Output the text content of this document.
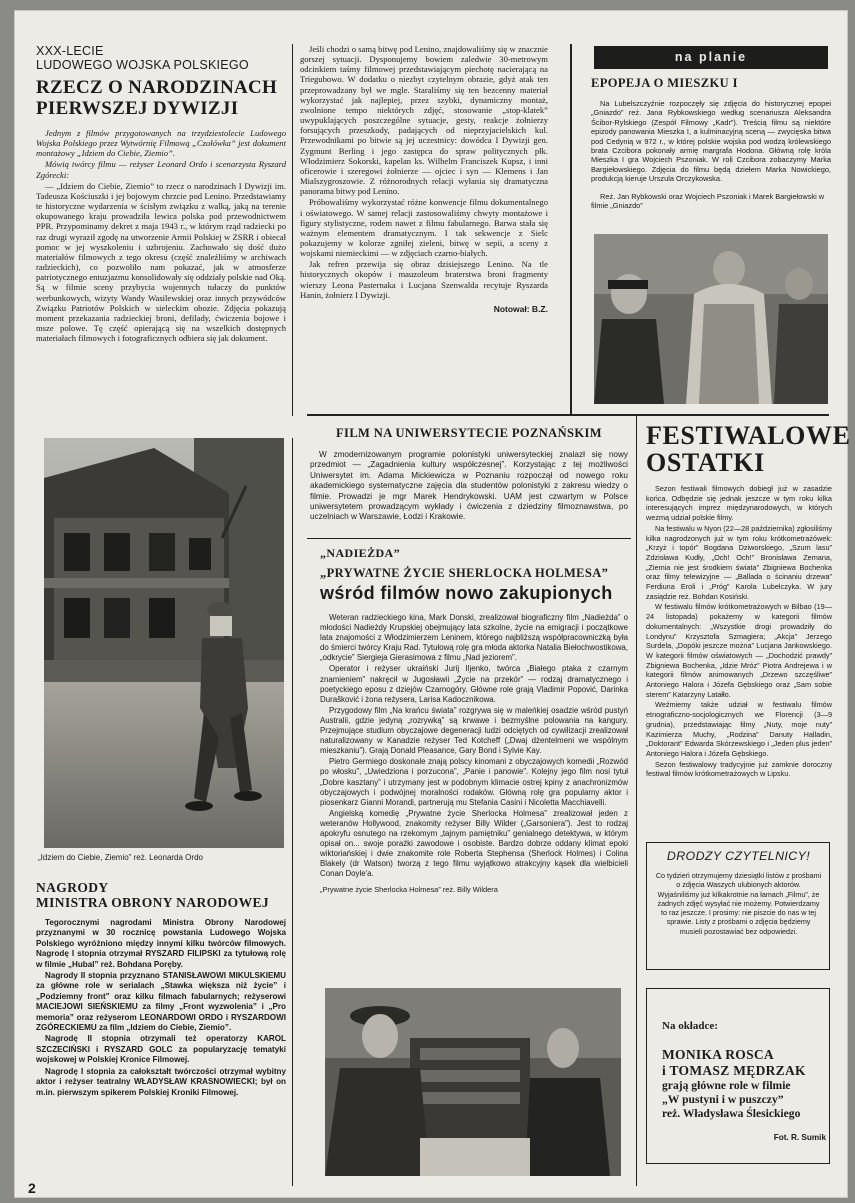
XXX-LECIE
LUDOWEGO WOJSKA POLSKIEGO
RZECZ O NARODZINACH
PIERWSZEJ DYWIZJI
Jednym z filmów przygotowanych na trzydziestolecie Ludowego Wojska Polskiego przez Wytwórnię Filmową „Czołówka” jest dokument montażowy „Idziem do Ciebie, Ziemio”.
Mówią twórcy filmu — reżyser Leonard Ordo i scenarzysta Ryszard Zgórecki:
— „Idziem do Ciebie, Ziemio” to rzecz o narodzinach I Dywizji im. Tadeusza Kościuszki i jej bojowym chrzcie pod Lenino. Przedstawiamy te historyczne wydarzenia w ścisłym związku z walką, jaką na terenie okupowanego kraju prowadziła lewica polska pod przewodnictwem PPR. Przypominamy dekret z maja 1943 r., w którym rząd radziecki po raz drugi wyraził zgodę na utworzenie Armii Polskiej w ZSRR i obiecał pomoc w jej wyszkoleniu i uzbrojeniu. Zachowało się dość dużo materiałów filmowych z tego okresu (część znaleźliśmy w archiwach radzieckich), co pozwoliło nam pokazać, jak w atmosferze patriotycznego entuzjazmu konsolidowały się oddziały polskie nad Oką. Są w filmie sceny przybycia wojennych tułaczy do punktów werbunkowych, wizyty Wandy Wasilewskiej oraz innych przywódców Związku Patriotów Polskich w sieleckim obozie. Zdjęcia pokazują moment przekazania radzieckiej broni, defilady, ćwiczenia bojowe i msze polowe. Tę część opierającą się na wszelkich dostępnych materiałach filmowych i fotograficznych odbiera się jak dokument.
Jeśli chodzi o samą bitwę pod Lenino, znajdowaliśmy się w znacznie gorszej sytuacji. Dysponujemy bowiem zaledwie 30-metrowym odcinkiem taśmy filmowej przedstawiającym piechotę nacierającą na Triegubowo. W dodatku o niezbyt czytelnym obrazie, gdyż atak ten przeprowadzany był we mgle. Staraliśmy się ten bezcenny materiał wykorzystać jak najlepiej, przez szybki, dynamiczny montaż, zwolnione tempo niektórych zdjęć, stosowanie „stop-klatek” uwypuklających poszczególne sytuacje, gesty, reakcje żołnierzy forsujących przeszkody, padających od nieprzyjacielskich kul. Przewodnikami po bitwie są jej uczestnicy: dowódca I Dywizji gen. Zygmunt Berling i jego zastępca do spraw politycznych płk. Włodzimierz Sokorski, kapelan ks. Wilhelm Franciszek Kupsz, i inni oficerowie i szeregowi żołnierze — ojciec i syn — Klemens i Jan Mialszygroszowie. Z różnorodnych relacji wyłania się dramatyczna panorama bitwy pod Lenino.
Próbowaliśmy wykorzystać różne konwencje filmu dokumentalnego i oświatowego. W samej relacji zastosowaliśmy chwyty montażowe i figury stylistyczne, rodem nawet z filmu fabularnego. Barwa stała się ważnym elementem dramatycznym. I tak sekwencje z Sielc pokazujemy w kolorze zgniłej zieleni, bitwę w sepii, a sceny z wojskami niemieckimi — w zdjęciach czarno-białych.
Jak refren przewija się obraz dzisiejszego Lenino. Na tle historycznych okopów i mauzoleum braterstwa broni fragmenty wierszy Leona Pasternaka i Lucjana Szenwalda recytuje Ryszarda Hanin, żołnierz I Dywizji.
Notował: B.Z.
„Idziem do Ciebie, Ziemio” reż. Leonarda Ordo
NAGRODY
MINISTRA OBRONY NARODOWEJ
Tegorocznymi nagrodami Ministra Obrony Narodowej przyznanymi w 30 rocznicę powstania Ludowego Wojska Polskiego wyróżniono między innymi kilku twórców filmowych. Nagrodę I stopnia otrzymał RYSZARD FILIPSKI za tytułową rolę w filmie „Hubal” reż. Bohdana Poręby.
Nagrody II stopnia przyznano STANISŁAWOWI MIKULSKIEMU za główne role w serialach „Stawka większa niż życie” i „Podziemny front” oraz kilku filmach fabularnych; reżyserowi MACIEJOWI SIEŃSKIEMU za filmy „Front wyzwolenia” i „Pro memoria” oraz reżyserom LEONARDOWI ORDO i RYSZARDOWI ZGÓRECKIEMU za film „Idziem do Ciebie, Ziemio”.
Nagrodę II stopnia otrzymali też operatorzy KAROL SZCZECIŃSKI i RYSZARD GOLC za popularyzację tematyki wojskowej w Polskiej Kronice Filmowej.
Nagrodę I stopnia za całokształt twórczości otrzymał wybitny aktor i reżyser teatralny WŁADYSŁAW KRASNOWIECKI; był on m.in. pierwszym spikerem Polskiej Kroniki Filmowej.
na planie
EPOPEJA O MIESZKU I
Na Lubelszczyźnie rozpoczęły się zdjęcia do historycznej epopei „Gniazdo” reż. Jana Rybkowskiego według scenariusza Aleksandra Ścibor-Rylskiego (Zespół Filmowy „Kadr”). Treścią filmu są niektóre epizody panowania Mieszka I, a kulminacyjną sceną — zwycięska bitwa pod Cedynią w 972 r., w której polskie wojska pod wodzą królewskiego brata Czcibora pokonały armię margrafa Hodona. Główną rolę króla Mieszka I gra Wojciech Pszoniak. W roli Czcibora zobaczymy Marka Bargiełowskiego. Zdjęcia do filmu będą dziełem Marka Nowickiego, produkcją kieruje Urszula Orczykowska.
Reż. Jan Rybkowski oraz Wojciech Pszoniak i Marek Bargiełowski w filmie „Gniazdo”
FILM NA UNIWERSYTECIE POZNAŃSKIM
W zmodernizowanym programie polonistyki uniwersyteckiej znalazł się nowy przedmiot — „Zagadnienia kultury współczesnej”. Korzystając z tej możliwości Uniwersytet im. Adama Mickiewicza w Poznaniu rozpoczął od nowego roku akademickiego systematyczne zajęcia dla studentów polonistyki z zakresu wiedzy o filmie. Prowadzi je mgr Marek Hendrykowski. UAM jest czwartym w Polsce uniwersytetem prowadzącym wykłady i ćwiczenia z dziedziny filmoznawstwa, po uczelniach w Warszawie, Łodzi i Krakowie.
„NADIEŻDA”
„PRYWATNE ŻYCIE SHERLOCKA HOLMESA”
wśród filmów nowo zakupionych
Weteran radzieckiego kina, Mark Donski, zrealizował biograficzny film „Nadieżda” o młodości Nadieżdy Krupskiej obejmujący lata szkolne, życie na emigracji i początkowe lata znajomości z Włodzimierzem Leninem, którego najbliższą współpracowniczką była do śmierci twórcy Kraju Rad. Tytułową rolę gra młoda aktorka Natalia Biełochwostikowa, „odkrycie” Siergieja Gierasimowa z filmu „Nad jeziorem”.
Operator i reżyser ukraiński Jurij Iljenko, twórca „Białego ptaka z czarnym znamieniem” nakręcił w Jugosławii „Życie na przekór” — rodzaj dramatycznego i poetyckiego eposu z dziejów Czarnogóry. Główne role grają Vladimir Popović, Darinka Durašković i żona reżysera, Larisa Kadocznikowa.
Przygodowy film „Na krańcu świata” rozgrywa się w maleńkiej osadzie wśród pustyń Australii, gdzie jedyną „rozrywką” są krwawe i bezmyślne polowania na kangury. Przejmujące studium obyczajowe degeneracji ludzi odciętych od cywilizacji zrealizował naturalizowany w Kanadzie reżyser Ted Kotcheff („Dwaj dżentelmeni we wspólnym mieszkaniu”). Grają Donald Pleasance, Gary Bond i Sylvie Kay.
Pietro Germiego doskonale znają polscy kinomani z obyczajowych komedii „Rozwód po włosku”, „Uwiedziona i porzucona”, „Panie i panowie”. Kolejny jego film nosi tytuł „Dobre kasztany” i utrzymany jest w podobnym klimacie ostrej kpiny z anachronizmów obyczajowych i podwójnej moralności rodaków. Główną rolę gra popularny aktor i piosenkarz Gianni Morandi, partnerują mu Stefania Casini i Nicoletta Macchiavelli.
Angielską komedię „Prywatne życie Sherlocka Holmesa” zrealizował jeden z weteranów Hollywood, znakomity reżyser Billy Wilder („Garsoniera”). Jest to rodzaj apokryfu osnutego na rzekomym „tajnym pamiętniku” genialnego detektywa, w którym opisał on... swoje porażki zawodowe i osobiste. Bardzo dobrze oddany klimat epoki wiktoriańskiej i dwie znakomite role Roberta Stephensa (Sherlock Holmes) i Colina Blakely (dr Watson) tworzą z tego filmu wyjątkowo atrakcyjny kąsek dla wielbicieli Conan Doyle'a.
„Prywatne życie Sherlocka Holmesa” reż. Billy Wildera
FESTIWALOWE
OSTATKI
Sezon festiwali filmowych dobiegł już w zasadzie końca. Odbędzie się jednak jeszcze w tym roku kilka interesujących imprez międzynarodowych, w których wezmą udział polskie filmy.
Na festiwalu w Nyon (22—28 października) zgłosiliśmy kilka nagrodzonych już w tym roku krótkometrażówek: „Krzyż i topór” Bogdana Dziworskiego, „Szum lasu” Zdzisława Kudły, „Och! Och!” Bronisława Zemana, „Ziemia nie jest środkiem świata” Zbigniewa Bochenka oraz filmy telewizyjne — „Ballada o ścinaniu drzewa” Ferdiuna Eroli i „Próg” Karola Lubelczyka. W jury zasiądzie reż. Bohdan Kosiński.
W festiwalu filmów krótkometrażowych w Bilbao (19—24 listopada) pokażemy w kategorii filmów dokumentalnych: „Wszystkie drogi prowadziły do Londynu” Krzysztofa Szmagiera; „Akcja” Jerzego Surdela, „Dopóki jeszcze można” Lucjana Jankowskiego. W kategorii filmów oświatowych — „Dochodzić prawdy” Zbigniewa Bochenka, „Idzie Mróz” Piotra Andrejewa i w kategorii filmów animowanych „Drzewo szczęśliwe” Antoniego Halora i Józefa Gębskiego oraz „Sam sobie sterem” Katarzyny Latałło.
Weźmiemy także udział w festiwalu filmów etnograficzno-socjologicznych we Florencji (3—9 grudnia), przedstawiając filmy „Nuty, moje nuty” Kazimierza Muchy, „Rodzina” Danuty Halladin, „Doktorant” Edwarda Skórzewskiego i „Jeden plus jeden” Antoniego Halora i Józefa Gębskiego.
Sezon festiwalowy tradycyjnie już zamknie doroczny festiwal filmów krótkometrażowych w Lipsku.
DRODZY CZYTELNICY!
Co tydzień otrzymujemy dziesiątki listów z prośbami o zdjęcia Waszych ulubionych aktorów. Wyjaśniliśmy już kilkakrotnie na łamach „Filmu”, że żadnych zdjęć wysyłać nie możemy. Potwierdzamy to raz jeszcze. I prosimy: nie piszcie do nas w tej sprawie. Listy z prośbami o zdjęcia będziemy musieli pozostawiać bez odpowiedzi.
Na okładce:
MONIKA ROSCA
i TOMASZ MĘDRZAK
grają główne role w filmie
„W pustyni i w puszczy”
reż. Władysława Ślesickiego
Fot. R. Sumik
2
